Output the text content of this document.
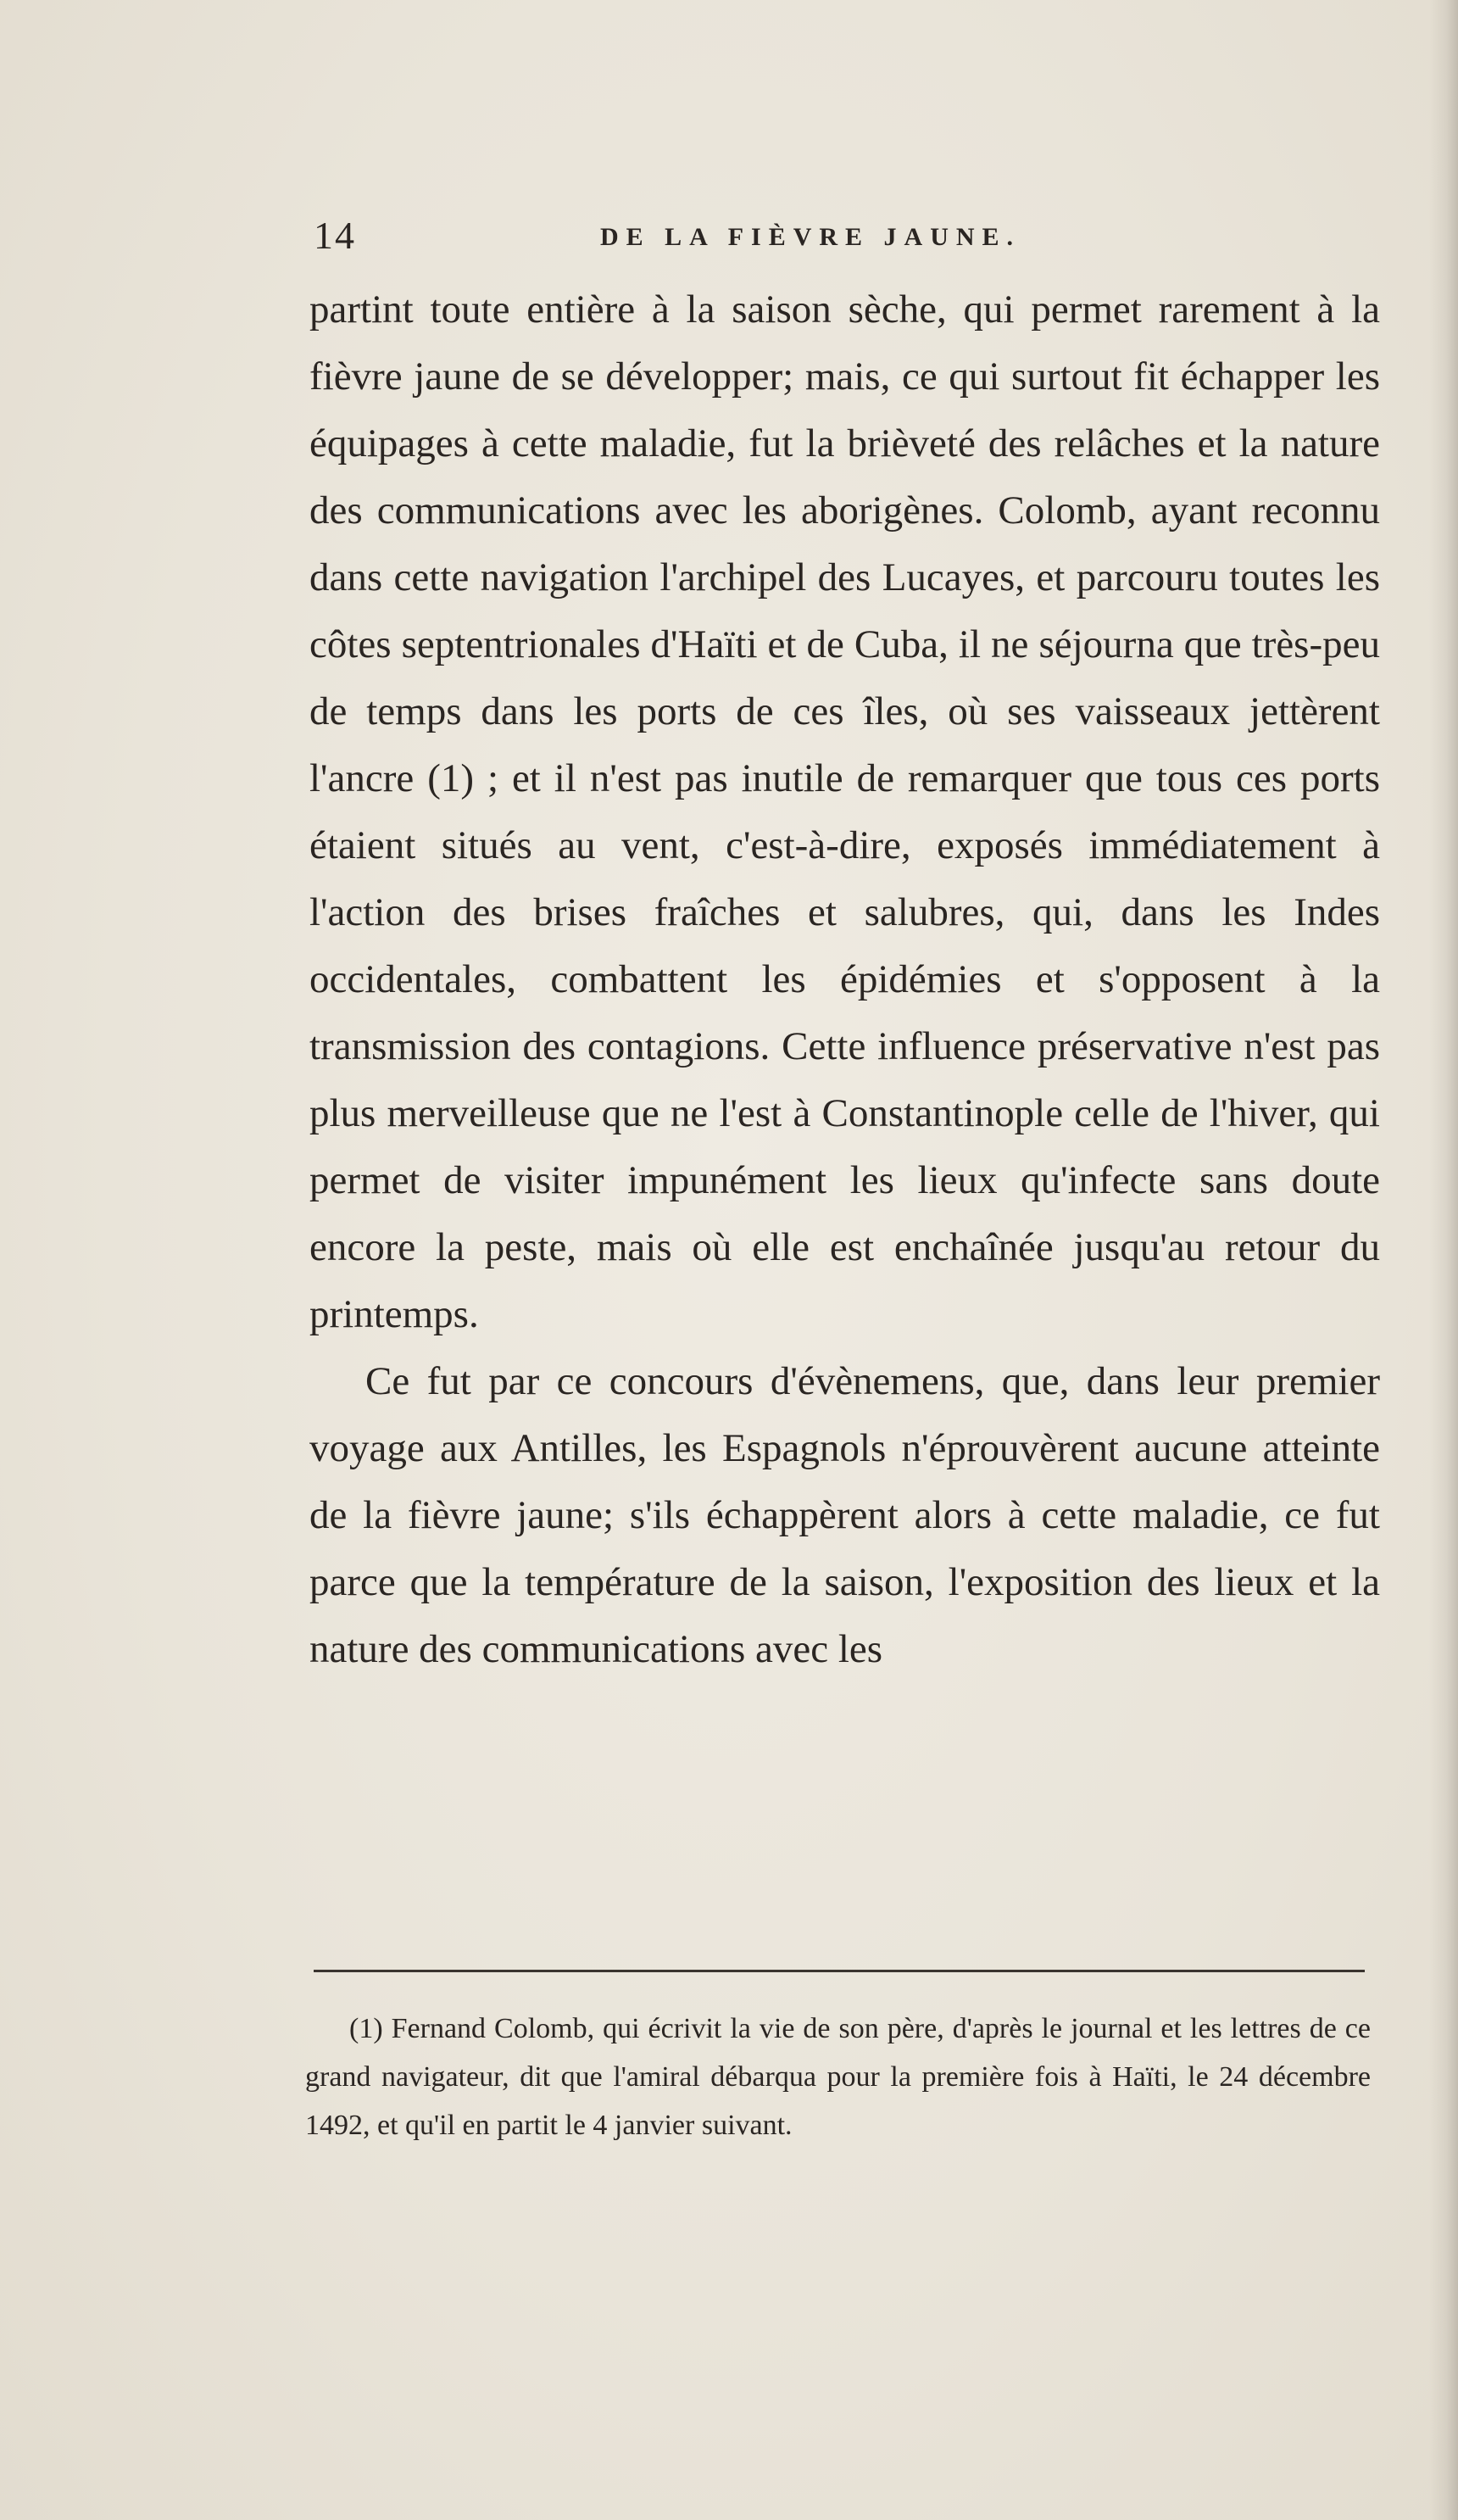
14	DE LA FIÈVRE JAUNE.

partint toute entière à la saison sèche, qui permet rarement à la fièvre jaune de se développer; mais, ce qui surtout fit échapper les équipages à cette maladie, fut la brièveté des relâches et la nature des communications avec les aborigènes. Colomb, ayant reconnu dans cette navigation l'archipel des Lucayes, et parcouru toutes les côtes septentrionales d'Haïti et de Cuba, il ne séjourna que très-peu de temps dans les ports de ces îles, où ses vaisseaux jettèrent l'ancre (1) ; et il n'est pas inutile de remarquer que tous ces ports étaient situés au vent, c'est-à-dire, exposés immédiatement à l'action des brises fraîches et salubres, qui, dans les Indes occidentales, combattent les épidémies et s'opposent à la transmission des contagions. Cette influence préservative n'est pas plus merveilleuse que ne l'est à Constantinople celle de l'hiver, qui permet de visiter impunément les lieux qu'infecte sans doute encore la peste, mais où elle est enchaînée jusqu'au retour du printemps.

Ce fut par ce concours d'évènemens, que, dans leur premier voyage aux Antilles, les Espagnols n'éprouvèrent aucune atteinte de la fièvre jaune; s'ils échappèrent alors à cette maladie, ce fut parce que la température de la saison, l'exposition des lieux et la nature des communications avec les

(1) Fernand Colomb, qui écrivit la vie de son père, d'après le journal et les lettres de ce grand navigateur, dit que l'amiral débarqua pour la première fois à Haïti, le 24 décembre 1492, et qu'il en partit le 4 janvier suivant.
